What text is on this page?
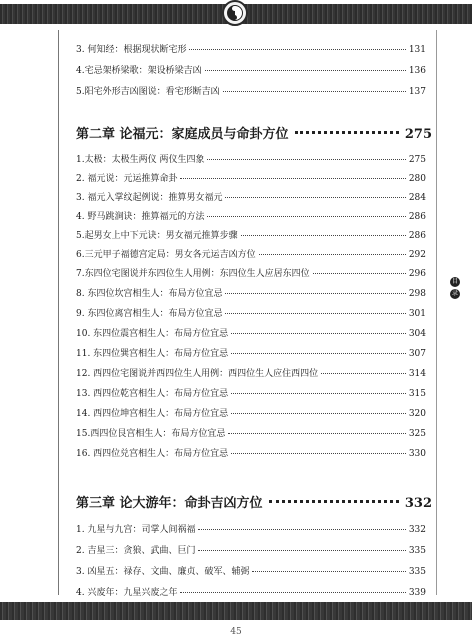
目
录
3. 何知经：根据现状断宅形	131
4.宅忌架桥梁歌：架设桥梁吉凶	136
5.阳宅外形吉凶图说：看宅形断吉凶	137
第二章 论福元：家庭成员与命卦方位	275
1.太极：太极生两仪 两仪生四象	275
2. 福元说：元运推算命卦	280
3. 福元入掌纹起例说：推算男女福元	284
4. 野马跳涧诀：推算福元的方法	286
5.起男女上中下元诀：男女福元推算步骤	286
6.三元甲子福德宫定局：男女各元运吉凶方位	292
7.东四位宅图说并东四位生人用例：东四位生人应居东四位	296
8. 东四位坎宫相生人：布局方位宜忌	298
9. 东四位离宫相生人：布局方位宜忌	301
10. 东四位震宫相生人：布局方位宜忌	304
11. 东四位巽宫相生人：布局方位宜忌	307
12. 西四位宅图说并西四位生人用例：西四位生人应住西四位	314
13. 西四位乾宫相生人：布局方位宜忌	315
14. 西四位坤宫相生人：布局方位宜忌	320
15.西四位艮宫相生人：布局方位宜忌	325
16. 西四位兑宫相生人：布局方位宜忌	330
第三章 论大游年：命卦吉凶方位	332
1. 九星与九宫：司掌人间祸福	332
2. 吉星三：贪狼、武曲、巨门	335
3. 凶星五：禄存、文曲、廉贞、破军、辅弼	335
4. 兴废年：九星兴废之年	339
45
